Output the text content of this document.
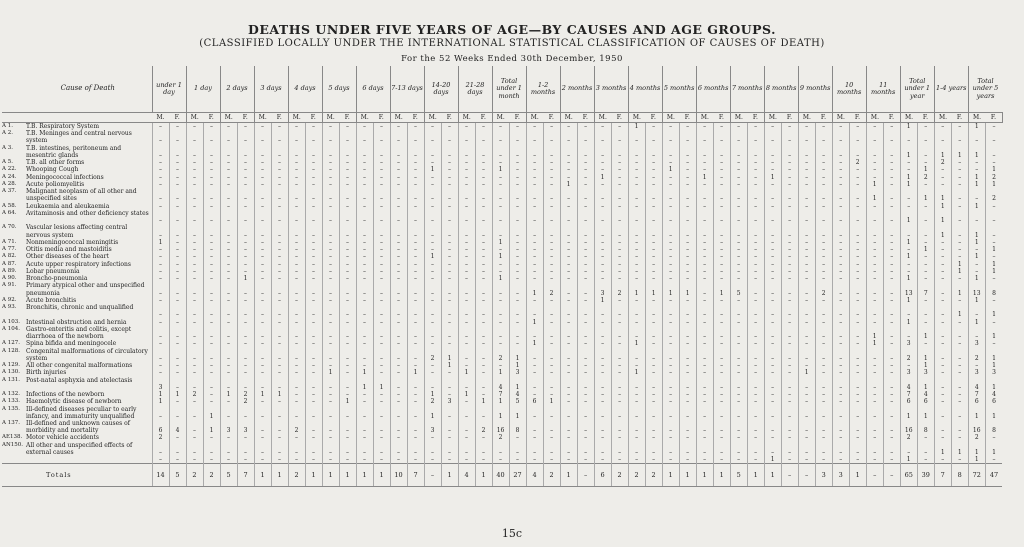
DEATHS UNDER FIVE YEARS OF AGE—BY CAUSES AND AGE GROUPS.
(CLASSIFIED LOCALLY UNDER THE INTERNATIONAL STATISTICAL CLASSIFICATION OF CAUSES OF DEATH)
For the 52 Weeks Ended 30th December, 1950
	Cause of Death	under 1 day		1 day		2 days		3 days		4 days		5 days		6 days		7-13 days		14-20 days		21-28 days		Total under 1 month		1-2 months		2 months		3 months		4 months		5 months		6 months		7 months		8 months		9 months		10 months		11 months		Total under 1 year		1-4 years		Total under 5 years	
		M.	F.	M.	F.	M.	F.	M.	F.	M.	F.	M.	F.	M.	F.	M.	F.	M.	F.	M.	F.	M.	F.	M.	F.	M.	F.	M.	F.	M.	F.	M.	F.	M.	F.	M.	F.	M.	F.	M.	F.	M.	F.	M.	F.	M.	F.	M.	F.	M.	F.
A 1.	T.B. Respiratory System	–	–	–	–	–	–	–	–	–	–	–	–	–	–	–	–	–	–	–	–	–	–	–	–	–	–	–	–	1	–	–	–	–	–	–	–	–	–	–	–	–	–	–	–	1	–	–	–	1	–
A 2.	T.B. Meninges and central nervous system	–	–	–	–	–	–	–	–	–	–	–	–	–	–	–	–	–	–	–	–	–	–	–	–	–	–	–	–	–	–	–	–	–	–	–	–	–	–	–	–	–	–	–	–	–	–	–	–	–	–
A 3.	T.B. intestines, peritoneum and mesentric glands	–	–	–	–	–	–	–	–	–	–	–	–	–	–	–	–	–	–	–	–	–	–	–	–	–	–	–	–	–	–	–	–	–	–	–	–	–	–	–	–	–	–	–	–	1	–	1	1	1	–
A 5.	T.B. all other forms	–	–	–	–	–	–	–	–	–	–	–	–	–	–	–	–	–	–	–	–	–	–	–	–	–	–	–	–	–	–	–	–	–	–	–	–	–	–	–	–	–	2	–	–	–	–	2	–	–	–
A 22.	Whooping Cough	–	–	–	–	–	–	–	–	–	–	–	–	–	–	–	–	1	–	–	–	1	–	–	–	–	–	–	–	–	–	1	–	–	–	–	–	–	–	–	–	–	–	–	–	–	1	–	–	–	1
A 24.	Meningococcal infections	–	–	–	–	–	–	–	–	–	–	–	–	–	–	–	–	–	–	–	–	–	–	–	–	–	–	1	–	–	–	–	–	1	–	–	–	1	–	–	–	–	–	–	–	1	2	–	–	1	2
A 28.	Acute poliomyelitis	–	–	–	–	–	–	–	–	–	–	–	–	–	–	–	–	–	–	–	–	–	–	–	–	1	–	–	–	–	–	–	–	–	–	–	–	–	–	–	–	–	–	1	–	1	–	–	–	1	1
A 37.	Malignant neoplasm of all other and unspecified sites	–	–	–	–	–	–	–	–	–	–	–	–	–	–	–	–	–	–	–	–	–	–	–	–	–	–	–	–	–	–	–	–	–	–	–	–	–	–	–	–	–	–	1	–	–	1	1	–	–	2
A 58.	Leukaemia and aleukaemia	–	–	–	–	–	–	–	–	–	–	–	–	–	–	–	–	–	–	–	–	–	–	–	–	–	–	–	–	–	–	–	–	–	–	–	–	–	–	–	–	–	–	–	–	–	–	1	–	1	–
A 64.	Avitaminosis and other deficiency states	–	–	–	–	–	–	–	–	–	–	–	–	–	–	–	–	–	–	–	–	–	–	–	–	–	–	–	–	–	–	–	–	–	–	–	–	–	–	–	–	–	–	–	–	1	–	1	–	–	–
A 70.	Vascular lesions affecting central nervous system	–	–	–	–	–	–	–	–	–	–	–	–	–	–	–	–	–	–	–	–	–	–	–	–	–	–	–	–	–	–	–	–	–	–	–	–	–	–	–	–	–	–	–	–	–	–	1	–	1	–
A 71.	Nonmeningococcal meningitis	1	–	–	–	–	–	–	–	–	–	–	–	–	–	–	–	–	–	–	–	1	–	–	–	–	–	–	–	–	–	–	–	–	–	–	–	–	–	–	–	–	–	–	–	1	–	–	–	1	–
A 77.	Otitis media and mastoiditis	–	–	–	–	–	–	–	–	–	–	–	–	–	–	–	–	–	–	–	–	–	–	–	–	–	–	–	–	–	–	–	–	–	–	–	–	–	–	–	–	–	–	–	–	–	1	–	–	–	1
A 82.	Other diseases of the heart	–	–	–	–	–	–	–	–	–	–	–	–	–	–	–	–	1	–	–	–	1	–	–	–	–	–	–	–	–	–	–	–	–	–	–	–	–	–	–	–	–	–	–	–	1	–	–	–	1	–
A 87.	Acute upper respiratory infections	–	–	–	–	–	–	–	–	–	–	–	–	–	–	–	–	–	–	–	–	–	–	–	–	–	–	–	–	–	–	–	–	–	–	–	–	–	–	–	–	–	–	–	–	–	–	–	1	–	1
A 89.	Lobar pneumonia	–	–	–	–	–	–	–	–	–	–	–	–	–	–	–	–	–	–	–	–	–	–	–	–	–	–	–	–	–	–	–	–	–	–	–	–	–	–	–	–	–	–	–	–	–	–	–	1	–	1
A 90.	Broncho-pneumonia	–	–	–	–	–	1	–	–	–	–	–	–	–	–	–	–	–	–	–	–	1	–	–	–	–	–	–	–	–	–	–	–	–	–	–	–	–	–	–	–	–	–	–	–	1	–	–	–	1	–
A 91.	Primary atypical other and unspecified pneumonia	–	–	–	–	–	–	–	–	–	–	–	–	–	–	–	–	–	–	–	–	–	–	1	2	–	–	3	2	1	1	1	1	–	1	5	–	–	–	–	2	–	–	–	–	13	7	–	1	13	8
A 92.	Acute bronchitis	–	–	–	–	–	–	–	–	–	–	–	–	–	–	–	–	–	–	–	–	–	–	–	–	–	–	1	–	–	–	–	–	–	–	–	–	–	–	–	–	–	–	–	–	1	–	–	–	1	–
A 93.	Bronchitis, chronic and unqualified	–	–	–	–	–	–	–	–	–	–	–	–	–	–	–	–	–	–	–	–	–	–	–	–	–	–	–	–	–	–	–	–	–	–	–	–	–	–	–	–	–	–	–	–	–	–	–	1	–	1
A 103.	Intestinal obstruction and hernia	–	–	–	–	–	–	–	–	–	–	–	–	–	–	–	–	–	–	–	–	–	–	1	–	–	–	–	–	–	–	–	–	–	–	–	–	–	–	–	–	–	–	–	–	1	–	–	–	1	–
A 104.	Gastro-enteritis and colitis, except diarrhoea of the newborn	–	–	–	–	–	–	–	–	–	–	–	–	–	–	–	–	–	–	–	–	–	–	–	–	–	–	–	–	–	–	–	–	–	–	–	–	–	–	–	–	–	–	1	–	–	1	–	–	–	1
A 127.	Spina bifida and meningocele	–	–	–	–	–	–	–	–	–	–	–	–	–	–	–	–	–	–	–	–	–	–	1	–	–	–	–	–	1	–	–	–	–	–	–	–	–	–	–	–	–	–	1	–	3	–	–	–	3	–
A 128.	Congenital malformations of circulatory system	–	–	–	–	–	–	–	–	–	–	–	–	–	–	–	–	2	1	–	–	2	1	–	–	–	–	–	–	–	–	–	–	–	–	–	–	–	–	–	–	–	–	–	–	2	1	–	–	2	1
A 129.	All other congenital malformations	–	–	–	–	–	–	–	–	–	–	–	–	–	–	–	–	–	1	–	–	–	1	–	–	–	–	–	–	–	–	–	–	–	–	–	–	–	–	–	–	–	–	–	–	–	1	–	–	–	1
A 130.	Birth injuries	–	–	–	–	–	–	–	–	–	–	1	–	1	–	–	1	–	–	1	–	1	3	–	–	–	–	–	–	1	–	–	–	–	–	–	–	–	–	1	–	–	–	–	–	3	3	–	–	3	3
A 131.	Post-natal asphyxia and atelectasis	3	–	–	–	–	–	–	–	–	–	–	–	1	1	–	–	–	–	–	–	4	1	–	–	–	–	–	–	–	–	–	–	–	–	–	–	–	–	–	–	–	–	–	–	4	1	–	–	4	1
A 132.	Infections of the newborn	1	1	2	–	1	2	1	1	–	–	–	–	–	–	–	–	1	–	1	–	7	4	–	–	–	–	–	–	–	–	–	–	–	–	–	–	–	–	–	–	–	–	–	–	7	4	–	–	7	4
A 133.	Haemolytic disease of newborn	1	–	–	–	–	2	–	–	–	–	–	1	–	–	–	–	2	3	–	1	1	5	6	1	–	–	–	–	–	–	–	–	–	–	–	–	–	–	–	–	–	–	–	–	6	6	–	–	6	6
A 135.	Ill-defined diseases peculiar to early infancy, and immaturity unqualified	–	–	–	1	–	–	–	–	–	–	–	–	–	–	–	–	1	–	–	–	1	1	–	–	–	–	–	–	–	–	–	–	–	–	–	–	–	–	–	–	–	–	–	–	1	1	–	–	1	1
A 137.	Ill-defined and unknown causes of morbidity and mortality	6	4	–	1	3	3	–	–	2	–	–	–	–	–	–	–	3	–	–	2	16	8	–	–	–	–	–	–	–	–	–	–	–	–	–	–	–	–	–	–	–	–	–	–	16	8	–	–	16	8
AE138.	Motor vehicle accidents	2	–	–	–	–	–	–	–	–	–	–	–	–	–	–	–	–	–	–	–	2	–	–	–	–	–	–	–	–	–	–	–	–	–	–	–	–	–	–	–	–	–	–	–	2	–	–	–	2	–
AN150.	All other and unspecified effects of external causes	–	–	–	–	–	–	–	–	–	–	–	–	–	–	–	–	–	–	–	–	–	–	–	–	–	–	–	–	–	–	–	–	–	–	–	–	–	–	–	–	–	–	–	–	–	–	1	1	1	1
		–	–	–	–	–	–	–	–	–	–	–	–	–	–	–	–	–	–	–	–	–	–	–	–	–	–	–	–	–	–	–	–	–	–	–	–	1	–	–	–	–	–	–	–	1	–	–	–	1	–
	Totals	14	5	2	2	5	7	1	1	2	1	1	1	1	1	10	7	–	1	4	1	40	27	4	2	1	–	6	2	2	2	1	1	1	1	5	1	1	–	–	3	3	1	–	–	65	39	7	8	72	47
15c
